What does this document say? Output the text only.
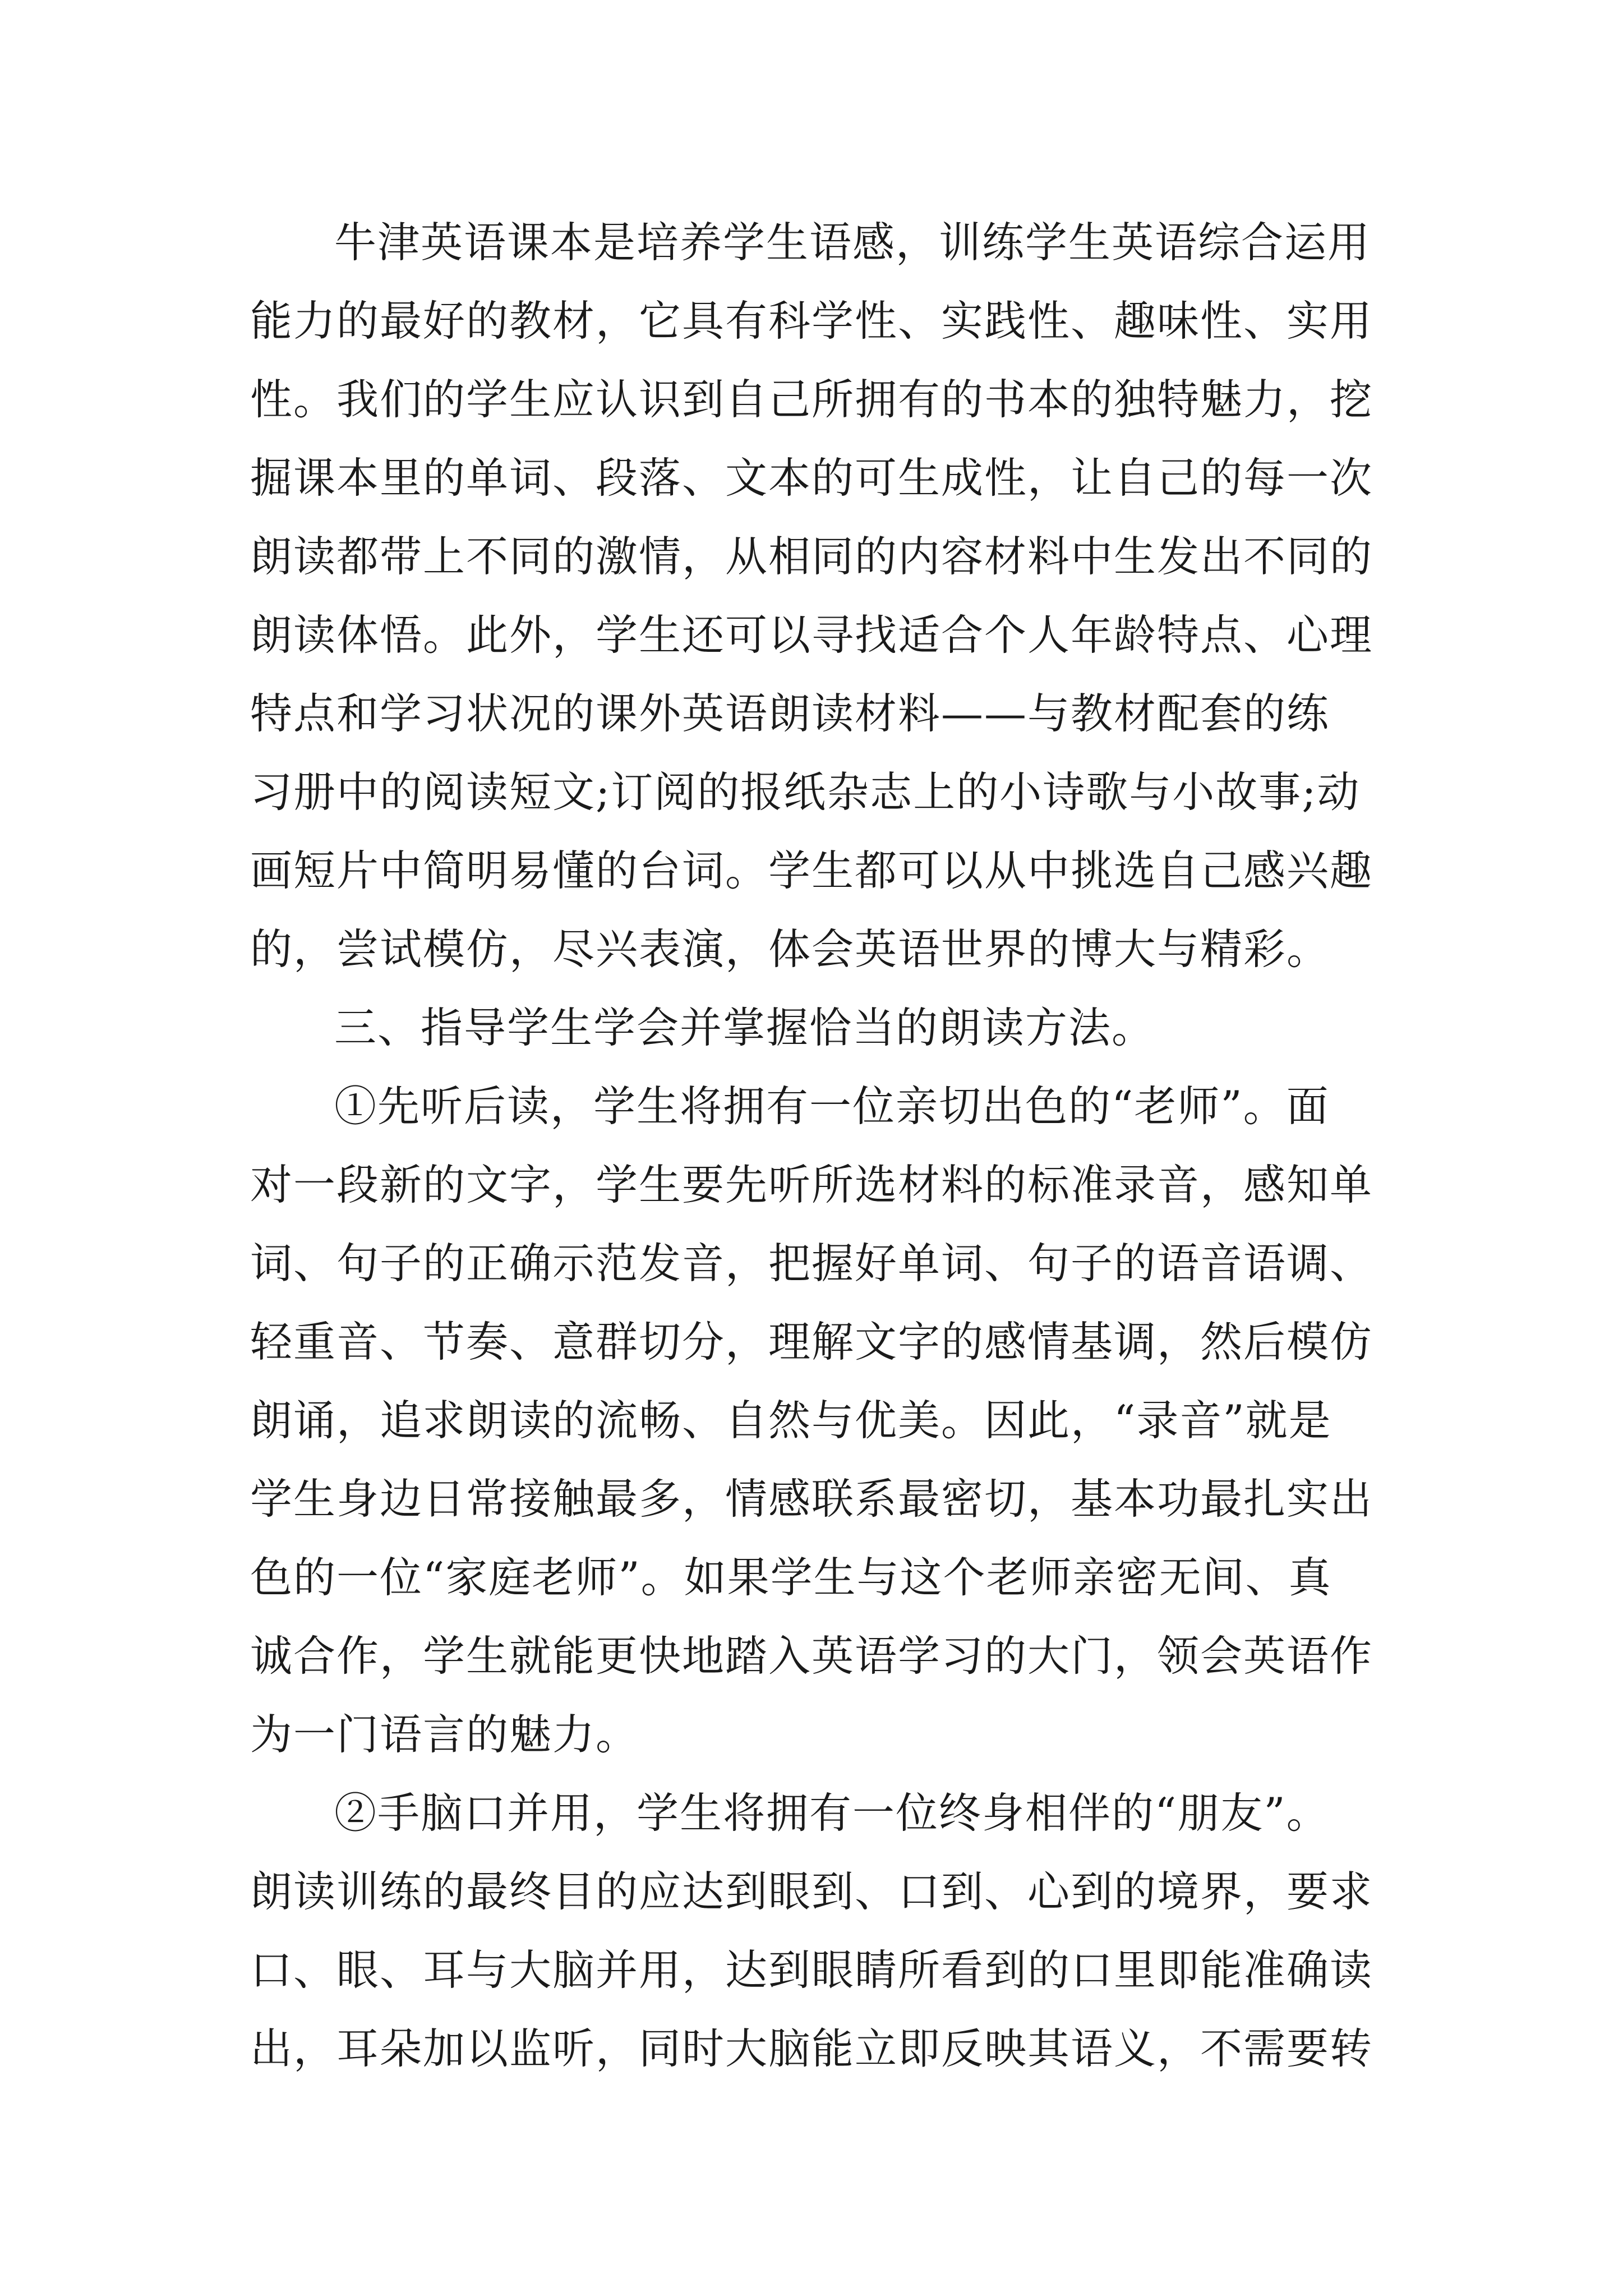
牛津英语课本是培养学生语感，训练学生英语综合运用
能力的最好的教材，它具有科学性、实践性、趣味性、实用
性。我们的学生应认识到自己所拥有的书本的独特魅力，挖
掘课本里的单词、段落、文本的可生成性，让自己的每一次
朗读都带上不同的激情，从相同的内容材料中生发出不同的
朗读体悟。此外，学生还可以寻找适合个人年龄特点、心理
特点和学习状况的课外英语朗读材料——与教材配套的练
习册中的阅读短文;订阅的报纸杂志上的小诗歌与小故事;动
画短片中简明易懂的台词。学生都可以从中挑选自己感兴趣
的，尝试模仿，尽兴表演，体会英语世界的博大与精彩。
三、指导学生学会并掌握恰当的朗读方法。
①先听后读，学生将拥有一位亲切出色的“老师”。面
对一段新的文字，学生要先听所选材料的标准录音，感知单
词、句子的正确示范发音，把握好单词、句子的语音语调、
轻重音、节奏、意群切分，理解文字的感情基调，然后模仿
朗诵，追求朗读的流畅、自然与优美。因此，“录音”就是
学生身边日常接触最多，情感联系最密切，基本功最扎实出
色的一位“家庭老师”。如果学生与这个老师亲密无间、真
诚合作，学生就能更快地踏入英语学习的大门，领会英语作
为一门语言的魅力。
②手脑口并用，学生将拥有一位终身相伴的“朋友”。
朗读训练的最终目的应达到眼到、口到、心到的境界，要求
口、眼、耳与大脑并用，达到眼睛所看到的口里即能准确读
出，耳朵加以监听，同时大脑能立即反映其语义，不需要转
